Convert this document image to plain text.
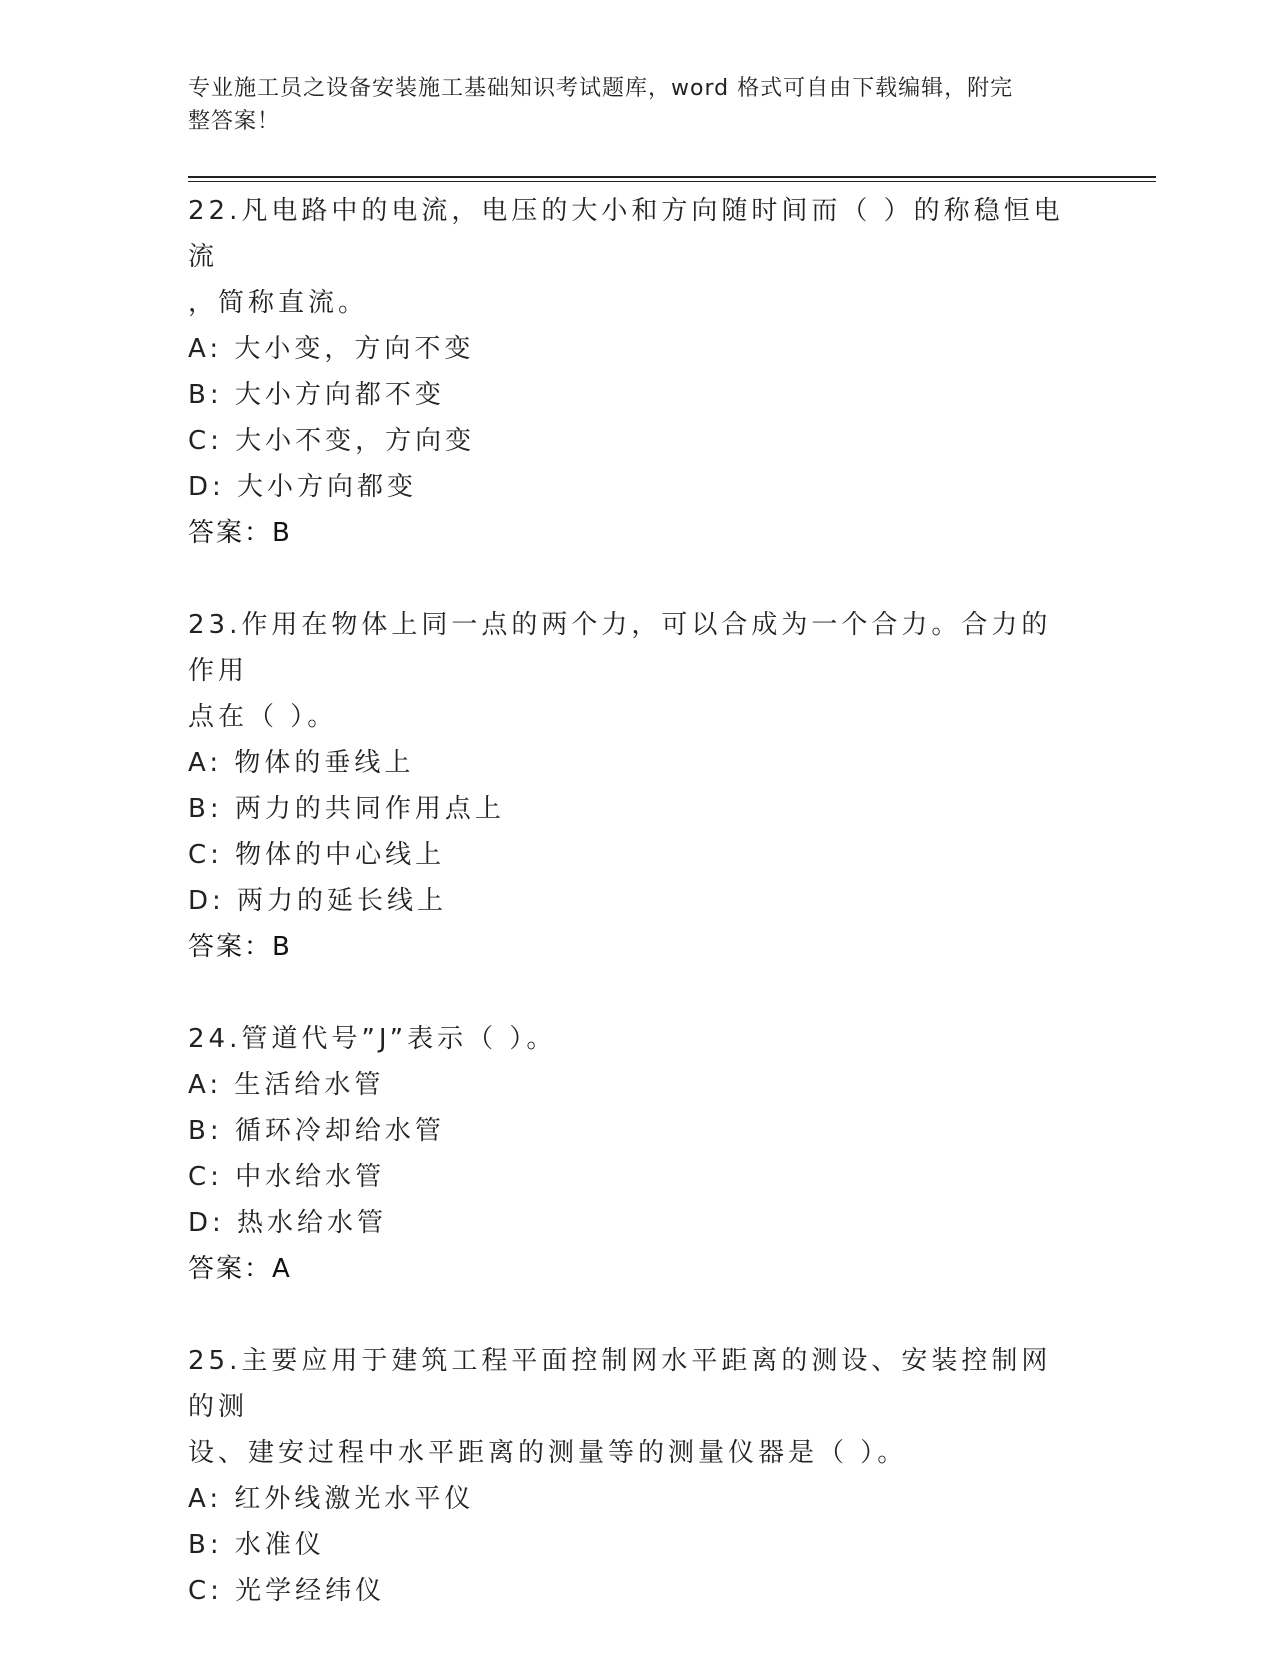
专业施工员之设备安装施工基础知识考试题库，word 格式可自由下载编辑，附完
整答案！

22.凡电路中的电流，电压的大小和方向随时间而（ ）的称稳恒电流
，简称直流。

A: 大小变，方向不变

B: 大小方向都不变

C: 大小不变，方向变

D: 大小方向都变

答案：B

23.作用在物体上同一点的两个力，可以合成为一个合力。合力的作用
点在（ ）。

A: 物体的垂线上

B: 两力的共同作用点上

C: 物体的中心线上

D: 两力的延长线上

答案：B

24.管道代号”J”表示（ ）。

A: 生活给水管

B: 循环冷却给水管

C: 中水给水管

D: 热水给水管

答案：A

25.主要应用于建筑工程平面控制网水平距离的测设、安装控制网的测
设、建安过程中水平距离的测量等的测量仪器是（ ）。

A: 红外线激光水平仪

B: 水准仪

C: 光学经纬仪
